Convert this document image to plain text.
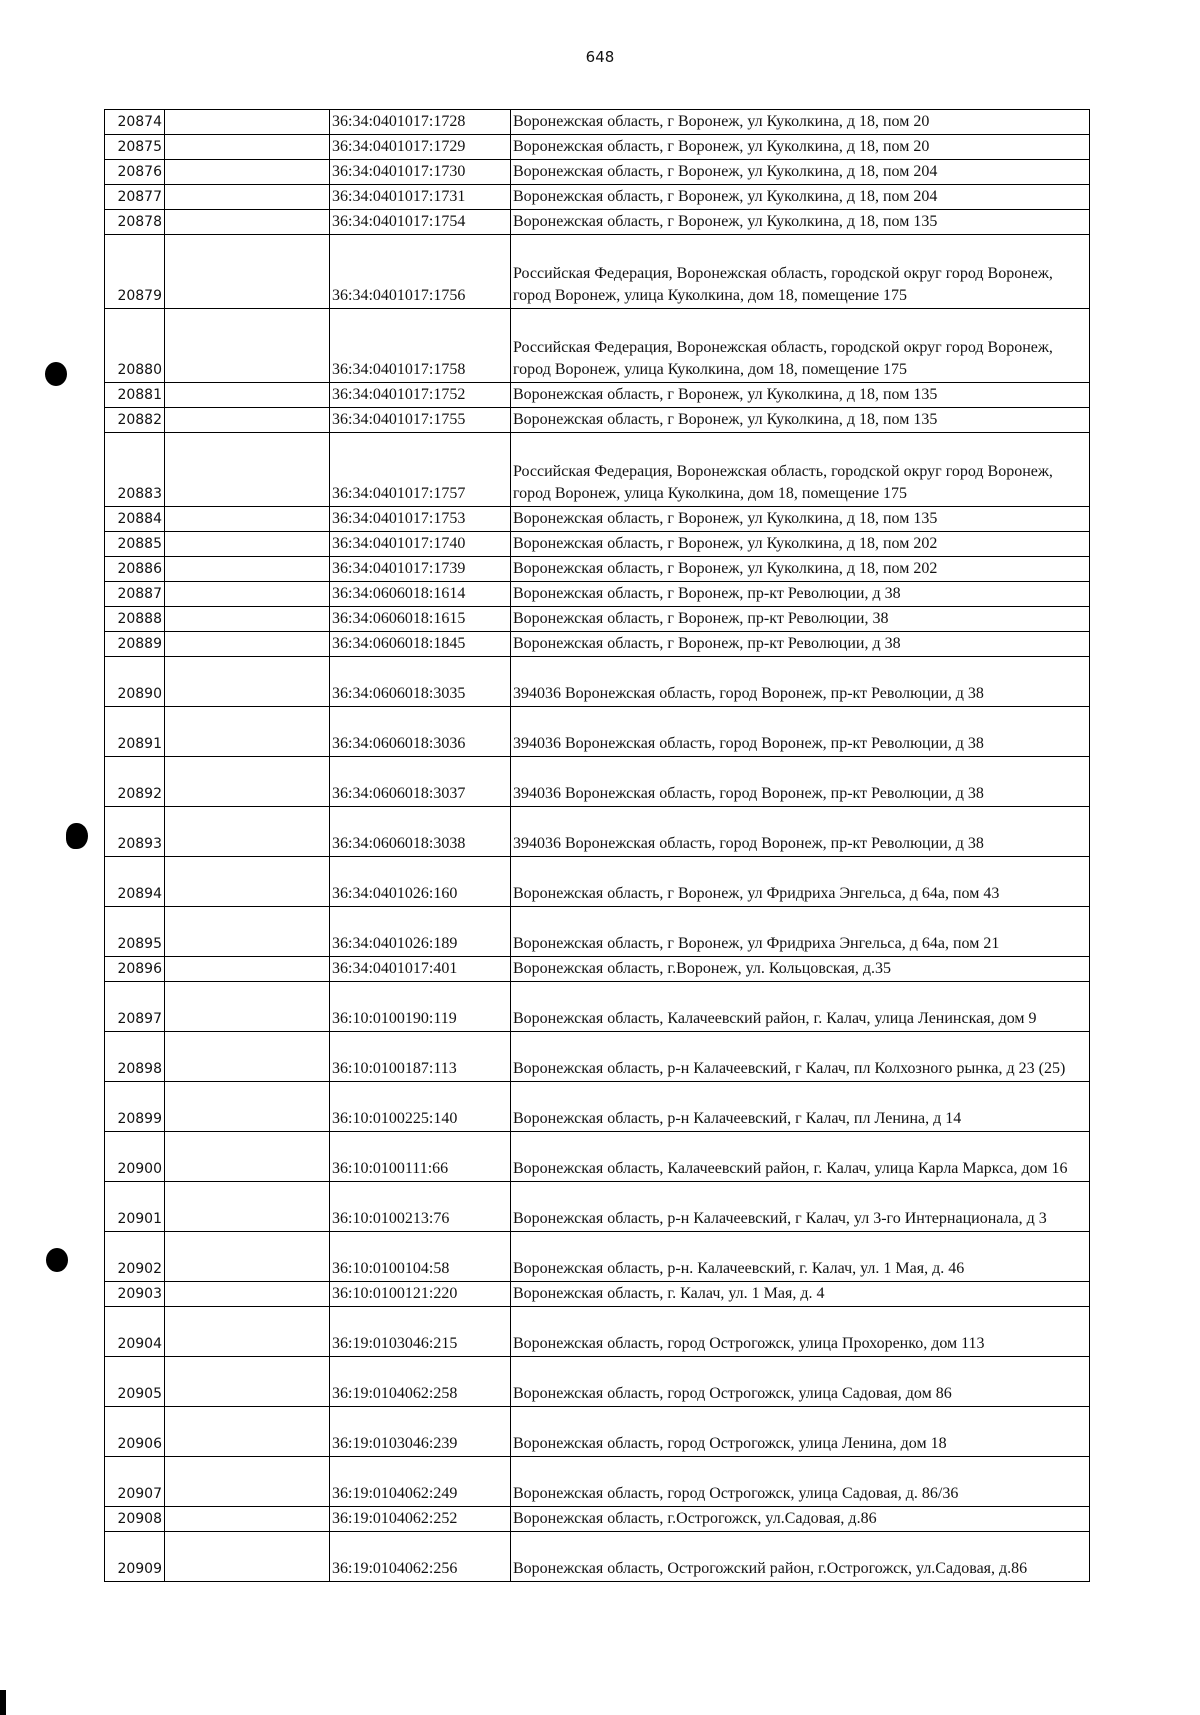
648
20874		36:34:0401017:1728	Воронежская область, г Воронеж, ул Куколкина, д 18, пом 20
20875		36:34:0401017:1729	Воронежская область, г Воронеж, ул Куколкина, д 18, пом 20
20876		36:34:0401017:1730	Воронежская область, г Воронеж, ул Куколкина, д 18, пом 204
20877		36:34:0401017:1731	Воронежская область, г Воронеж, ул Куколкина, д 18, пом 204
20878		36:34:0401017:1754	Воронежская область, г Воронеж, ул Куколкина, д 18, пом 135
20879		36:34:0401017:1756	Российская Федерация, Воронежская область, городской округ город Воронеж, город Воронеж, улица Куколкина, дом 18, помещение 175
20880		36:34:0401017:1758	Российская Федерация, Воронежская область, городской округ город Воронеж, город Воронеж, улица Куколкина, дом 18, помещение 175
20881		36:34:0401017:1752	Воронежская область, г Воронеж, ул Куколкина, д 18, пом 135
20882		36:34:0401017:1755	Воронежская область, г Воронеж, ул Куколкина, д 18, пом 135
20883		36:34:0401017:1757	Российская Федерация, Воронежская область, городской округ город Воронеж, город Воронеж, улица Куколкина, дом 18, помещение 175
20884		36:34:0401017:1753	Воронежская область, г Воронеж, ул Куколкина, д 18, пом 135
20885		36:34:0401017:1740	Воронежская область, г Воронеж, ул Куколкина, д 18, пом 202
20886		36:34:0401017:1739	Воронежская область, г Воронеж, ул Куколкина, д 18, пом 202
20887		36:34:0606018:1614	Воронежская область, г Воронеж, пр-кт Революции, д 38
20888		36:34:0606018:1615	Воронежская область, г Воронеж, пр-кт Революции, 38
20889		36:34:0606018:1845	Воронежская область, г Воронеж, пр-кт Революции, д 38
20890		36:34:0606018:3035	394036 Воронежская область, город Воронеж, пр-кт Революции, д 38
20891		36:34:0606018:3036	394036 Воронежская область, город Воронеж, пр-кт Революции, д 38
20892		36:34:0606018:3037	394036 Воронежская область, город Воронеж, пр-кт Революции, д 38
20893		36:34:0606018:3038	394036 Воронежская область, город Воронеж, пр-кт Революции, д 38
20894		36:34:0401026:160	Воронежская область, г Воронеж, ул Фридриха Энгельса, д 64а, пом 43
20895		36:34:0401026:189	Воронежская область, г Воронеж, ул Фридриха Энгельса, д 64а, пом 21
20896		36:34:0401017:401	Воронежская область, г.Воронеж, ул. Кольцовская, д.35
20897		36:10:0100190:119	Воронежская область, Калачеевский район, г. Калач, улица Ленинская, дом 9
20898		36:10:0100187:113	Воронежская область, р-н Калачеевский, г Калач, пл Колхозного рынка, д 23 (25)
20899		36:10:0100225:140	Воронежская область, р-н Калачеевский, г Калач, пл Ленина, д 14
20900		36:10:0100111:66	Воронежская область, Калачеевский район, г. Калач, улица Карла Маркса, дом 16
20901		36:10:0100213:76	Воронежская область, р-н Калачеевский, г Калач, ул 3-го Интернационала, д 3
20902		36:10:0100104:58	Воронежская область, р-н. Калачеевский, г. Калач, ул. 1 Мая, д. 46
20903		36:10:0100121:220	Воронежская область, г. Калач, ул. 1 Мая, д. 4
20904		36:19:0103046:215	Воронежская область, город Острогожск, улица Прохоренко, дом 113
20905		36:19:0104062:258	Воронежская область, город Острогожск, улица Садовая, дом 86
20906		36:19:0103046:239	Воронежская область, город Острогожск, улица Ленина, дом 18
20907		36:19:0104062:249	Воронежская область, город Острогожск, улица Садовая, д. 86/36
20908		36:19:0104062:252	Воронежская область, г.Острогожск, ул.Садовая, д.86
20909		36:19:0104062:256	Воронежская область, Острогожский район, г.Острогожск, ул.Садовая, д.86
